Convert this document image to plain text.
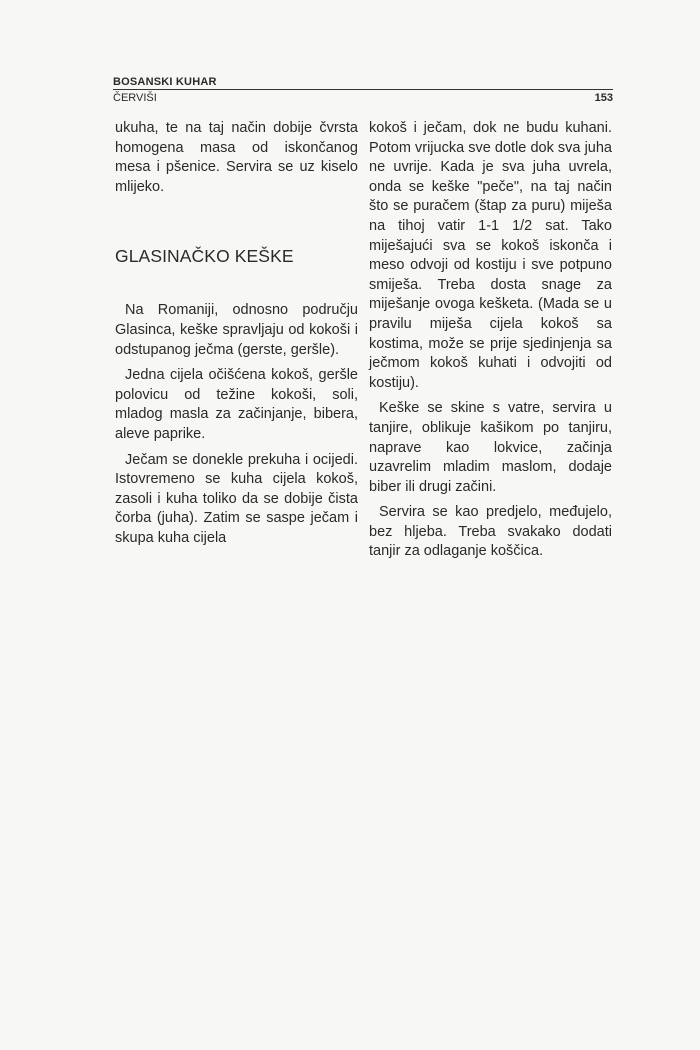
BOSANSKI KUHAR
ČERVIŠI	153

ukuha, te na taj način dobije čvrsta homogena masa od iskončanog mesa i pšenice. Servira se uz kiselo mlijeko.

GLASINAČKO KEŠKE

Na Romaniji, odnosno području Glasinca, keške spravljaju od kokoši i odstupanog ječma (gerste, geršle).

Jedna cijela očišćena kokoš, geršle polovicu od težine kokoši, soli, mladog masla za začinjanje, bibera, aleve paprike.

Ječam se donekle prekuha i ocijedi. Istovremeno se kuha cijela kokoš, zasoli i kuha toliko da se dobije čista čorba (juha). Zatim se saspe ječam i skupa kuha cijela

kokoš i ječam, dok ne budu kuhani. Potom vrijucka sve dotle dok sva juha ne uvrije. Kada je sva juha uvrela, onda se keške "peče", na taj način što se puračem (štap za puru) miješa na tihoj vatir 1-1 1/2 sat. Tako miješajući sva se kokoš iskonča i meso odvoji od kostiju i sve potpuno smiješa. Treba dosta snage za miješanje ovoga kešketa. (Mada se u pravilu miješa cijela kokoš sa kostima, može se prije sjedinjenja sa ječmom kokoš kuhati i odvojiti od kostiju).

Keške se skine s vatre, servira u tanjire, oblikuje kašikom po tanjiru, naprave kao lokvice, začinja uzavrelim mladim maslom, dodaje biber ili drugi začini.

Servira se kao predjelo, međujelo, bez hljeba. Treba svakako dodati tanjir za odlaganje koščica.
